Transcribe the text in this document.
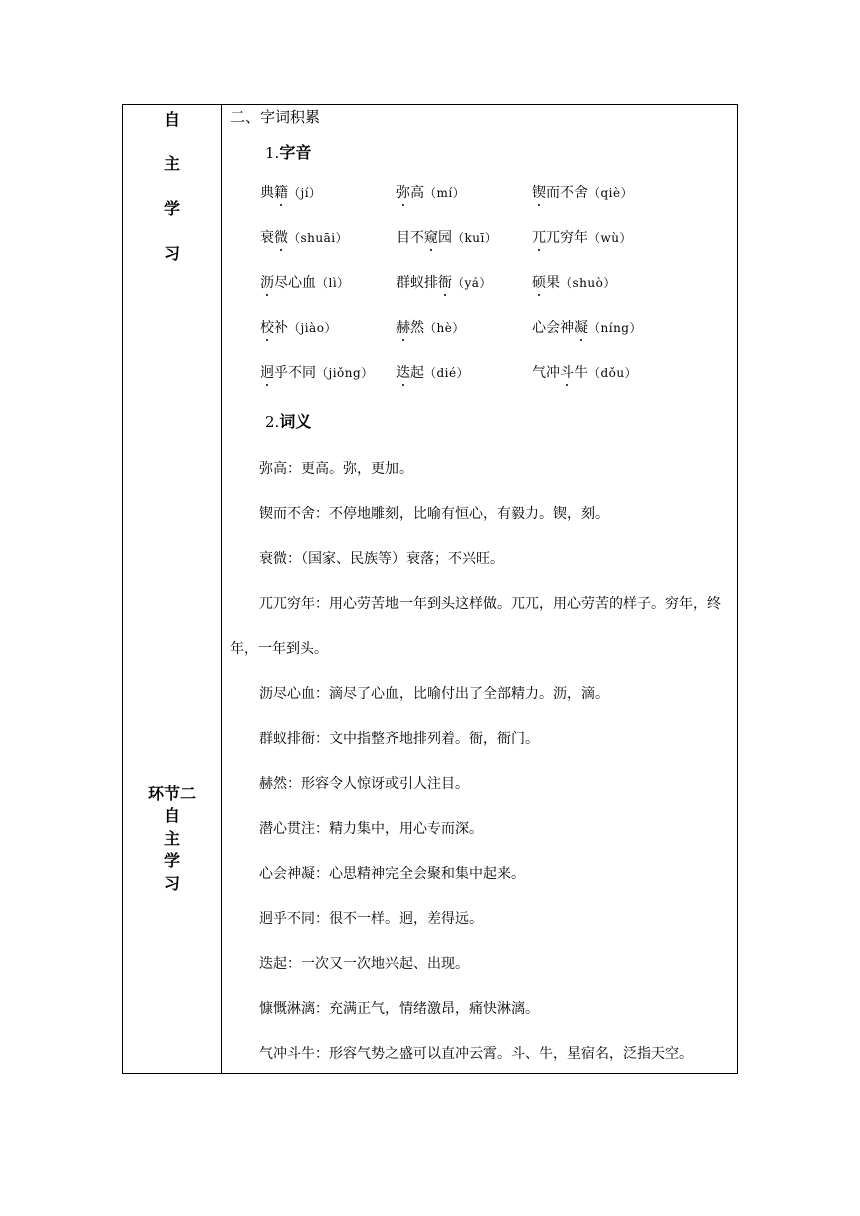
自
主
学
习
环节二
自
主
学
习
二、字词积累
1.字音
典籍（jí）	弥高（mí）	锲而不舍（qiè）
衰微（shuāi）	目不窥园（kuī） 兀兀穷年（wù）
沥尽心血（lì）	群蚁排衙（yá）	硕果（shuò）
校补（jiào）	赫然（hè）	心会神凝（níng）
迥乎不同（jiǒng） 迭起（dié）	气冲斗牛（dǒu）
2.词义
弥高：更高。弥，更加。
锲而不舍：不停地雕刻，比喻有恒心，有毅力。锲，刻。
衰微：（国家、民族等）衰落；不兴旺。
兀兀穷年：用心劳苦地一年到头这样做。兀兀，用心劳苦的样子。穷年，终年，一年到头。
沥尽心血：滴尽了心血，比喻付出了全部精力。沥，滴。
群蚁排衙：文中指整齐地排列着。衙，衙门。
赫然：形容令人惊讶或引人注目。
潜心贯注：精力集中，用心专而深。
心会神凝：心思精神完全会聚和集中起来。
迥乎不同：很不一样。迥，差得远。
迭起：一次又一次地兴起、出现。
慷慨淋漓：充满正气，情绪激昂，痛快淋漓。
气冲斗牛：形容气势之盛可以直冲云霄。斗、牛，星宿名，泛指天空。
